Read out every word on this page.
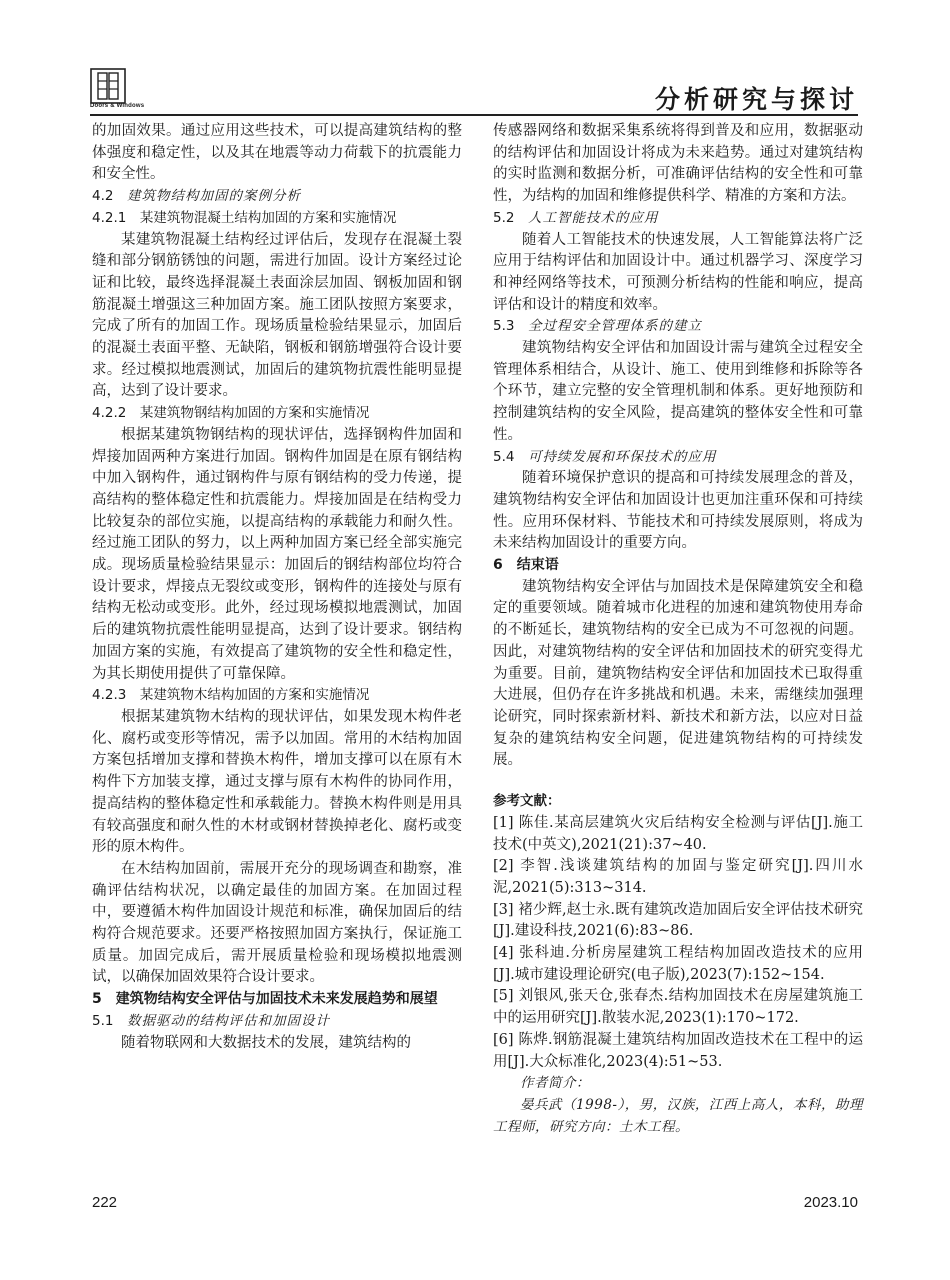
Doors & Windows	分析研究与探讨

的加固效果。通过应用这些技术，可以提高建筑结构的整体强度和稳定性，以及其在地震等动力荷载下的抗震能力和安全性。

4.2　 建筑物结构加固的案例分析

4.2.1　某建筑物混凝土结构加固的方案和实施情况

某建筑物混凝土结构经过评估后，发现存在混凝土裂缝和部分钢筋锈蚀的问题，需进行加固。设计方案经过论证和比较，最终选择混凝土表面涂层加固、钢板加固和钢筋混凝土增强这三种加固方案。施工团队按照方案要求，完成了所有的加固工作。现场质量检验结果显示，加固后的混凝土表面平整、无缺陷，钢板和钢筋增强符合设计要求。经过模拟地震测试，加固后的建筑物抗震性能明显提高，达到了设计要求。

4.2.2　某建筑物钢结构加固的方案和实施情况

根据某建筑物钢结构的现状评估，选择钢构件加固和焊接加固两种方案进行加固。钢构件加固是在原有钢结构中加入钢构件，通过钢构件与原有钢结构的受力传递，提高结构的整体稳定性和抗震能力。焊接加固是在结构受力比较复杂的部位实施，以提高结构的承载能力和耐久性。经过施工团队的努力，以上两种加固方案已经全部实施完成。现场质量检验结果显示：加固后的钢结构部位均符合设计要求，焊接点无裂纹或变形，钢构件的连接处与原有结构无松动或变形。此外，经过现场模拟地震测试，加固后的建筑物抗震性能明显提高，达到了设计要求。钢结构加固方案的实施，有效提高了建筑物的安全性和稳定性，为其长期使用提供了可靠保障。

4.2.3　某建筑物木结构加固的方案和实施情况

根据某建筑物木结构的现状评估，如果发现木构件老化、腐朽或变形等情况，需予以加固。常用的木结构加固方案包括增加支撑和替换木构件，增加支撑可以在原有木构件下方加装支撑，通过支撑与原有木构件的协同作用，提高结构的整体稳定性和承载能力。替换木构件则是用具有较高强度和耐久性的木材或钢材替换掉老化、腐朽或变形的原木构件。

在木结构加固前，需展开充分的现场调查和勘察，准确评估结构状况，以确定最佳的加固方案。在加固过程中，要遵循木构件加固设计规范和标准，确保加固后的结构符合规范要求。还要严格按照加固方案执行，保证施工质量。加固完成后，需开展质量检验和现场模拟地震测试，以确保加固效果符合设计要求。

5　建筑物结构安全评估与加固技术未来发展趋势和展望

5.1　 数据驱动的结构评估和加固设计

随着物联网和大数据技术的发展，建筑结构的

传感器网络和数据采集系统将得到普及和应用，数据驱动的结构评估和加固设计将成为未来趋势。通过对建筑结构的实时监测和数据分析，可准确评估结构的安全性和可靠性，为结构的加固和维修提供科学、精准的方案和方法。

5.2　 人工智能技术的应用

随着人工智能技术的快速发展，人工智能算法将广泛应用于结构评估和加固设计中。通过机器学习、深度学习和神经网络等技术，可预测分析结构的性能和响应，提高评估和设计的精度和效率。

5.3　 全过程安全管理体系的建立

建筑物结构安全评估和加固设计需与建筑全过程安全管理体系相结合，从设计、施工、使用到维修和拆除等各个环节，建立完整的安全管理机制和体系。更好地预防和控制建筑结构的安全风险，提高建筑的整体安全性和可靠性。

5.4　 可持续发展和环保技术的应用

随着环境保护意识的提高和可持续发展理念的普及，建筑物结构安全评估和加固设计也更加注重环保和可持续性。应用环保材料、节能技术和可持续发展原则，将成为未来结构加固设计的重要方向。

6　结束语

建筑物结构安全评估与加固技术是保障建筑安全和稳定的重要领域。随着城市化进程的加速和建筑物使用寿命的不断延长，建筑物结构的安全已成为不可忽视的问题。因此，对建筑物结构的安全评估和加固技术的研究变得尤为重要。目前，建筑物结构安全评估和加固技术已取得重大进展，但仍存在许多挑战和机遇。未来，需继续加强理论研究，同时探索新材料、新技术和新方法，以应对日益复杂的建筑结构安全问题，促进建筑物结构的可持续发展。

参考文献：

[1] 陈佳.某高层建筑火灾后结构安全检测与评估[J].施工技术(中英文),2021(21):37~40.

[2] 李智.浅谈建筑结构的加固与鉴定研究[J].四川水泥,2021(5):313~314.

[3] 褚少辉,赵士永.既有建筑改造加固后安全评估技术研究[J].建设科技,2021(6):83~86.

[4] 张科迪.分析房屋建筑工程结构加固改造技术的应用[J].城市建设理论研究(电子版),2023(7):152~154.

[5] 刘银风,张天仓,张春杰.结构加固技术在房屋建筑施工中的运用研究[J].散装水泥,2023(1):170~172.

[6] 陈烨.钢筋混凝土建筑结构加固改造技术在工程中的运用[J].大众标准化,2023(4):51~53.

作者简介：

晏兵武（1998-），男，汉族，江西上高人，本科，助理工程师，研究方向：土木工程。

222	2023.10
